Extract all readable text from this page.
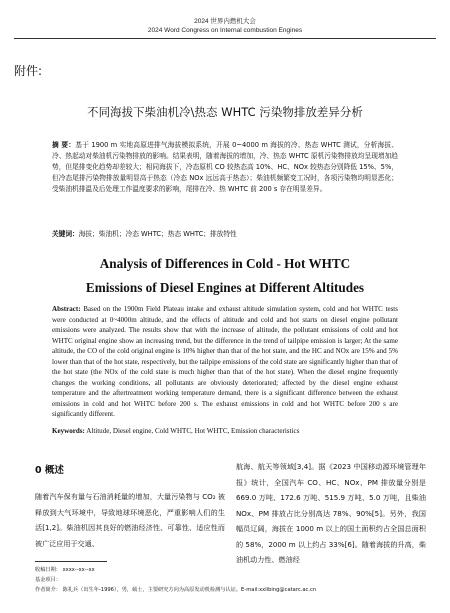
2024 世界内燃机大会
2024 Word Congress on Internal combustion Engines
附件:
不同海拔下柴油机冷\热态 WHTC 污染物排放差异分析
摘 要：基于 1900 m 实地高原进排气海拔模拟系统，开展 0~4000 m 海拔的冷、热态 WHTC 测试，分析海拔、冷、热起动对柴油机污染物排放的影响。结果表明，随着海拔的增加，冷、热态 WHTC 原机污染物排放均呈现增加趋势，但尾排变化趋势却差较大；相同海拔下，冷态原机 CO 较热态高 10%、HC、NOx 较热态分别降低 15%、5%，但冷态尾排污染物排放量明显高于热态（冷态 NOx 远远高于热态）；柴油机频繁变工况时，各项污染物均明显恶化；受柴油机排温及后处理工作温度要求的影响，尾排在冷、热 WHTC 前 200 s 存在明显差异。
关键词：海拔；柴油机；冷态 WHTC；热态 WHTC；排放特性
Analysis of Differences in Cold - Hot WHTC
Emissions of Diesel Engines at Different Altitudes
Abstract: Based on the 1900m Field Plateau intake and exhaust altitude simulation system, cold and hot WHTC tests were conducted at 0~4000m altitude, and the effects of altitude and cold and hot starts on diesel engine pollutant emissions were analyzed. The results show that with the increase of altitude, the pollutant emissions of cold and hot WHTC original engine show an increasing trend, but the difference in the trend of tailpipe emission is larger; At the same altitude, the CO of the cold original engine is 10% higher than that of the hot state, and the HC and NOx are 15% and 5% lower than that of the hot state, respectively, but the tailpipe emissions of the cold state are significantly higher than that of the hot state (the NOx of the cold state is much higher than that of the hot state). When the diesel engine frequently changes the working conditions, all pollutants are obviously deteriorated; affected by the diesel engine exhaust temperature and the aftertreatment working temperature demand, there is a significant difference between the exhaust emissions in cold and hot WHTC before 200 s. The exhaust emissions in cold and hot WHTC before 200 s are significantly different.
Keywords: Altitude, Diesel engine, Cold WHTC, Hot WHTC, Emission characteristics
0 概述
随着汽车保有量与石油消耗量的增加，大量污染物与 CO₂ 被释放到大气环境中，导致地球环境恶化，严重影响人们的生活[1,2]。柴油机因其良好的燃油经济性、可靠性、适应性而被广泛应用于交通、
航海、航天等领域[3,4]。据《2023 中国移动源环境管理年报》统计，全国汽车 CO、HC、NOx、PM 排放量分别是 669.0 万吨、172.6 万吨、515.9 万吨、5.0 万吨，且柴油 NOx、PM 排放占比分别高达 78%、90%[5]。另外，我国幅员辽阔，海拔在 1000 m 以上的国土面积约占全国总面积的 58%，2000 m 以上约占 33%[6]。随着海拔的升高，柴油机动力性、燃油经
收稿日期： xxxx--xx--xx
基金项目：
作者简介： 陈礼兵（出生年-1996），男，硕士，主要研究方向为高原发动机检测与认证。E-mail:xxlibing@catarc.ac.cn
